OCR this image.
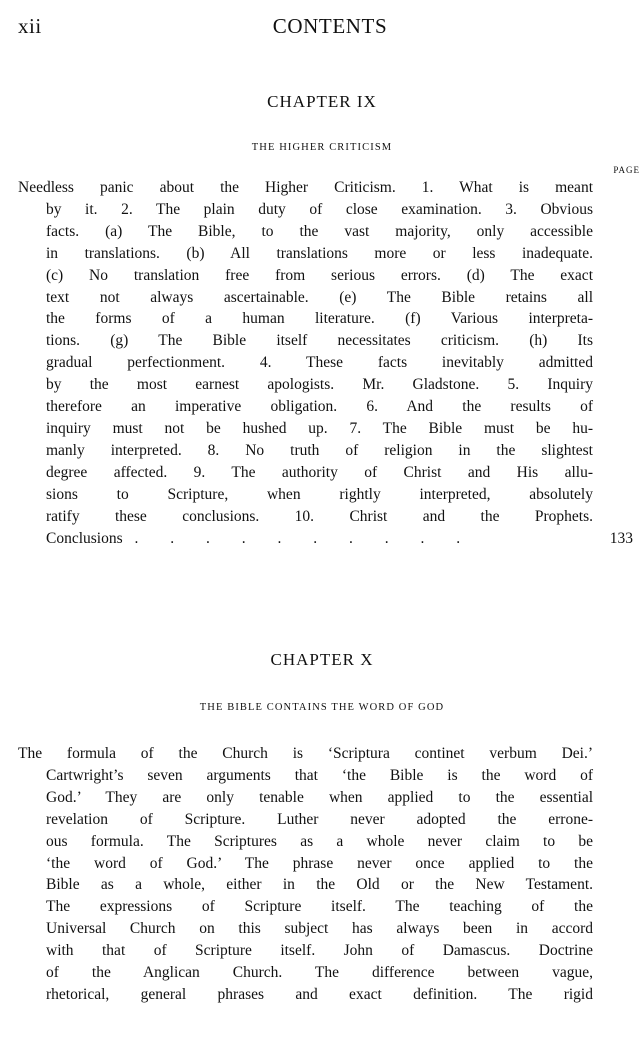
xii	CONTENTS
CHAPTER IX
THE HIGHER CRITICISM
PAGE
Needless panic about the Higher Criticism. 1. What is meant
by it. 2. The plain duty of close examination. 3. Obvious
facts. (a) The Bible, to the vast majority, only accessible
in translations. (b) All translations more or less inadequate.
(c) No translation free from serious errors. (d) The exact
text not always ascertainable. (e) The Bible retains all
the forms of a human literature. (f) Various interpreta-
tions. (g) The Bible itself necessitates criticism. (h) Its
gradual perfectionment. 4. These facts inevitably admitted
by the most earnest apologists. Mr. Gladstone. 5. Inquiry
therefore an imperative obligation. 6. And the results of
inquiry must not be hushed up. 7. The Bible must be hu-
manly interpreted. 8. No truth of religion in the slightest
degree affected. 9. The authority of Christ and His allu-
sions to Scripture, when rightly interpreted, absolutely
ratify these conclusions. 10. Christ and the Prophets.
Conclusions . . . . . . . . . .	133
CHAPTER X
THE BIBLE CONTAINS THE WORD OF GOD
The formula of the Church is ‘Scriptura continet verbum Dei.’
Cartwright’s seven arguments that ‘the Bible is the word of
God.’ They are only tenable when applied to the essential
revelation of Scripture. Luther never adopted the errone-
ous formula. The Scriptures as a whole never claim to be
‘the word of God.’ The phrase never once applied to the
Bible as a whole, either in the Old or the New Testament.
The expressions of Scripture itself. The teaching of the
Universal Church on this subject has always been in accord
with that of Scripture itself. John of Damascus. Doctrine
of the Anglican Church. The difference between vague,
rhetorical, general phrases and exact definition. The rigid
